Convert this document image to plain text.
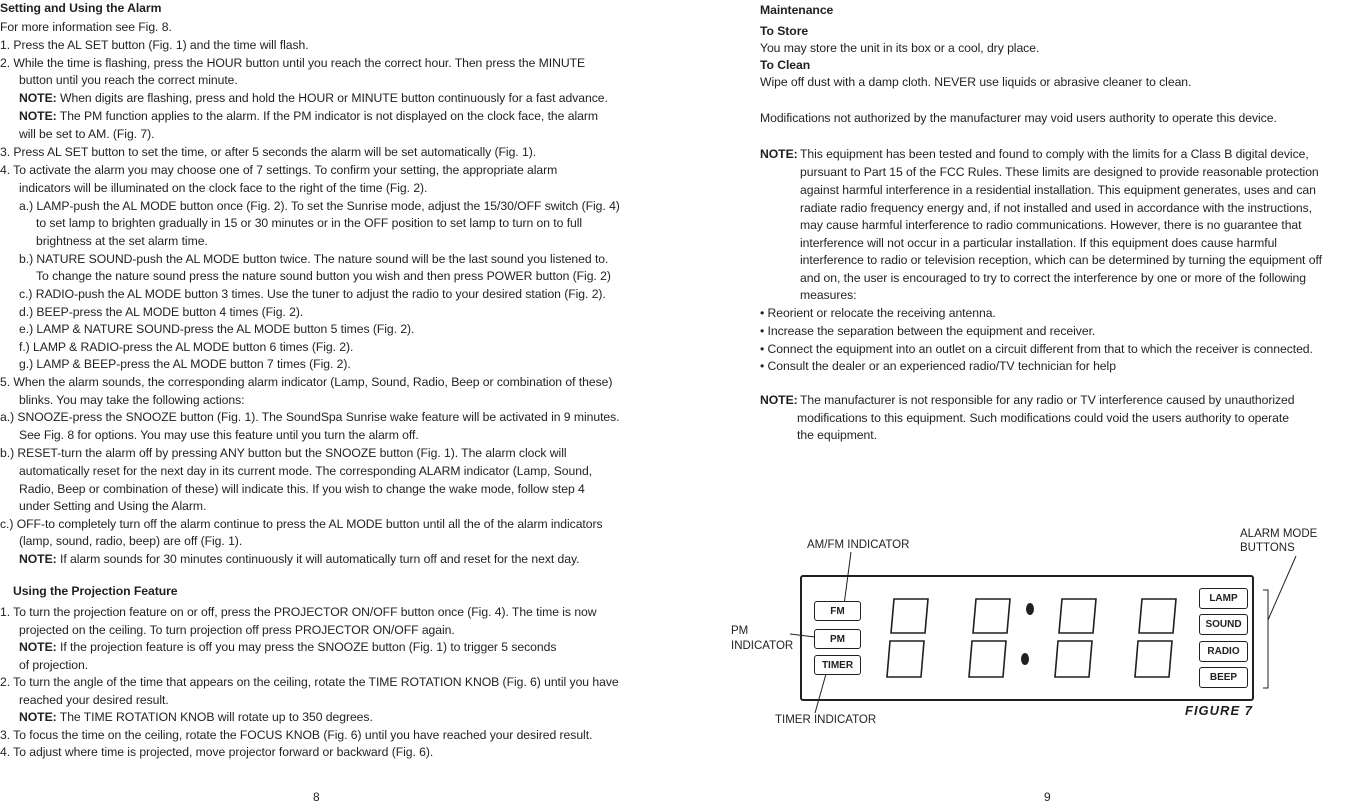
Setting and Using the Alarm
For more information see Fig. 8.
1. Press the AL SET button (Fig. 1) and the time will flash.
2. While the time is flashing, press the HOUR button until you reach the correct hour. Then press the MINUTE
button until you reach the correct minute.
NOTE: When digits are flashing, press and hold the HOUR or MINUTE button continuously for a fast advance.
NOTE: The PM function applies to the alarm. If the PM indicator is not displayed on the clock face, the alarm
will be set to AM. (Fig. 7).
3. Press AL SET button to set the time, or after 5 seconds the alarm will be set automatically (Fig. 1).
4. To activate the alarm you may choose one of 7 settings. To confirm your setting, the appropriate alarm
indicators will be illuminated on the clock face to the right of the time (Fig. 2).
a.) LAMP-push the AL MODE button once (Fig. 2). To set the Sunrise mode, adjust the 15/30/OFF switch (Fig. 4)
to set lamp to brighten gradually in 15 or 30 minutes or in the OFF position to set lamp to turn on to full
brightness at the set alarm time.
b.) NATURE SOUND-push the AL MODE button twice. The nature sound will be the last sound you listened to.
To change the nature sound press the nature sound button you wish and then press POWER button (Fig. 2)
c.) RADIO-push the AL MODE button 3 times. Use the tuner to adjust the radio to your desired station (Fig. 2).
d.) BEEP-press the AL MODE button 4 times (Fig. 2).
e.) LAMP & NATURE SOUND-press the AL MODE button 5 times (Fig. 2).
f.) LAMP & RADIO-press the AL MODE button 6 times (Fig. 2).
g.) LAMP & BEEP-press the AL MODE button 7 times (Fig. 2).
5. When the alarm sounds, the corresponding alarm indicator (Lamp, Sound, Radio, Beep or combination of these)
blinks. You may take the following actions:
a.) SNOOZE-press the SNOOZE button (Fig. 1). The SoundSpa Sunrise wake feature will be activated in 9 minutes.
See Fig. 8 for options. You may use this feature until you turn the alarm off.
b.) RESET-turn the alarm off by pressing ANY button but the SNOOZE button (Fig. 1). The alarm clock will
automatically reset for the next day in its current mode. The corresponding ALARM indicator (Lamp, Sound,
Radio, Beep or combination of these) will indicate this. If you wish to change the wake mode, follow step 4
under Setting and Using the Alarm.
c.) OFF-to completely turn off the alarm continue to press the AL MODE button until all the of the alarm indicators
(lamp, sound, radio, beep) are off (Fig. 1).
NOTE: If alarm sounds for 30 minutes continuously it will automatically turn off and reset for the next day.
Using the Projection Feature
1. To turn the projection feature on or off, press the PROJECTOR ON/OFF button once (Fig. 4). The time is now
projected on the ceiling. To turn projection off press PROJECTOR ON/OFF again.
NOTE: If the projection feature is off you may press the SNOOZE button (Fig. 1) to trigger 5 seconds
of projection.
2. To turn the angle of the time that appears on the ceiling, rotate the TIME ROTATION KNOB (Fig. 6) until you have
reached your desired result.
NOTE: The TIME ROTATION KNOB will rotate up to 350 degrees.
3. To focus the time on the ceiling, rotate the FOCUS KNOB (Fig. 6) until you have reached your desired result.
4. To adjust where time is projected, move projector forward or backward (Fig. 6).
8
Maintenance
To Store
You may store the unit in its box or a cool, dry place.
To Clean
Wipe off dust with a damp cloth. NEVER use liquids or abrasive cleaner to clean.
Modifications not authorized by the manufacturer may void users authority to operate this device.
NOTE: This equipment has been tested and found to comply with the limits for a Class B digital device,
pursuant to Part 15 of the FCC Rules. These limits are designed to provide reasonable protection
against harmful interference in a residential installation. This equipment generates, uses and can
radiate radio frequency energy and, if not installed and used in accordance with the instructions,
may cause harmful interference to radio communications. However, there is no guarantee that
interference will not occur in a particular installation. If this equipment does cause harmful
interference to radio or television reception, which can be determined by turning the equipment off
and on, the user is encouraged to try to correct the interference by one or more of the following
measures:
• Reorient or relocate the receiving antenna.
• Increase the separation between the equipment and receiver.
• Connect the equipment into an outlet on a circuit different from that to which the receiver is connected.
• Consult the dealer or an experienced radio/TV technician for help
NOTE: The manufacturer is not responsible for any radio or TV interference caused by unauthorized
modifications to this equipment. Such modifications could void the users authority to operate
the equipment.
9
AM/FM INDICATOR
ALARM MODE
BUTTONS
PM
INDICATOR
TIMER INDICATOR
FM
PM
TIMER
LAMP
SOUND
RADIO
BEEP
FIGURE 7
